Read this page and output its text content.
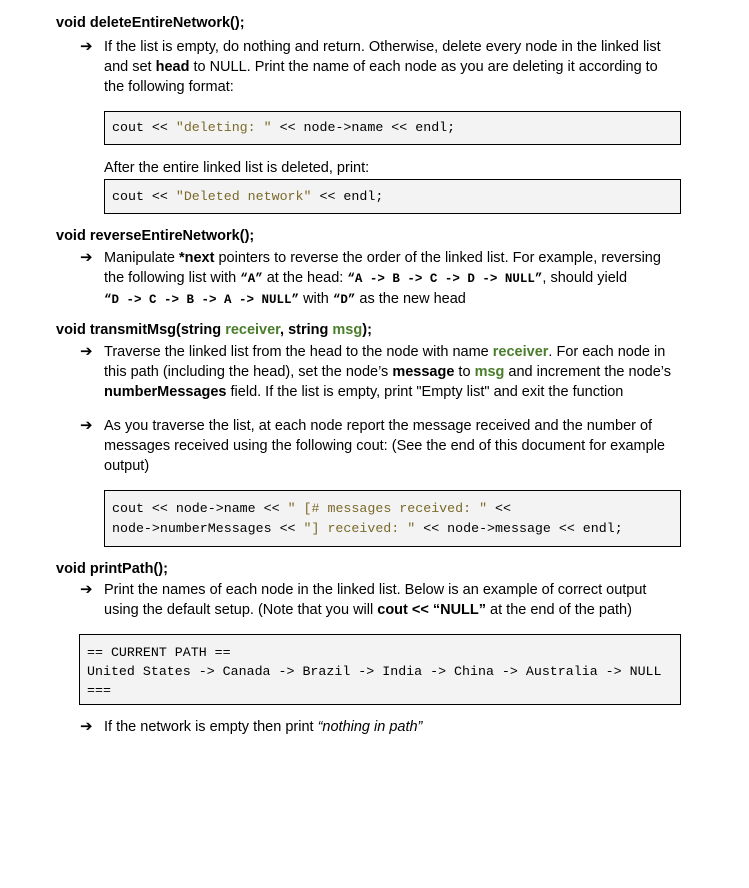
void deleteEntireNetwork();
➔ If the list is empty, do nothing and return. Otherwise, delete every node in the linked list
and set head to NULL. Print the name of each node as you are deleting it according to
the following format:
cout << "deleting: " << node->name << endl;
After the entire linked list is deleted, print:
cout << "Deleted network" << endl;
void reverseEntireNetwork();
➔ Manipulate *next pointers to reverse the order of the linked list. For example, reversing
the following list with “A” at the head: “A -> B -> C -> D -> NULL”, should yield
“D -> C -> B -> A -> NULL” with “D” as the new head
void transmitMsg(string receiver, string msg);
➔ Traverse the linked list from the head to the node with name receiver. For each node in
this path (including the head), set the node’s message to msg and increment the node’s
numberMessages field. If the list is empty, print "Empty list" and exit the function
➔ As you traverse the list, at each node report the message received and the number of
messages received using the following cout: (See the end of this document for example
output)
cout << node->name << " [# messages received: " <<
node->numberMessages << "] received: " << node->message << endl;
void printPath();
➔ Print the names of each node in the linked list. Below is an example of correct output
using the default setup. (Note that you will cout << “NULL” at the end of the path)
== CURRENT PATH ==
United States -> Canada -> Brazil -> India -> China -> Australia -> NULL
===
➔ If the network is empty then print “nothing in path”
